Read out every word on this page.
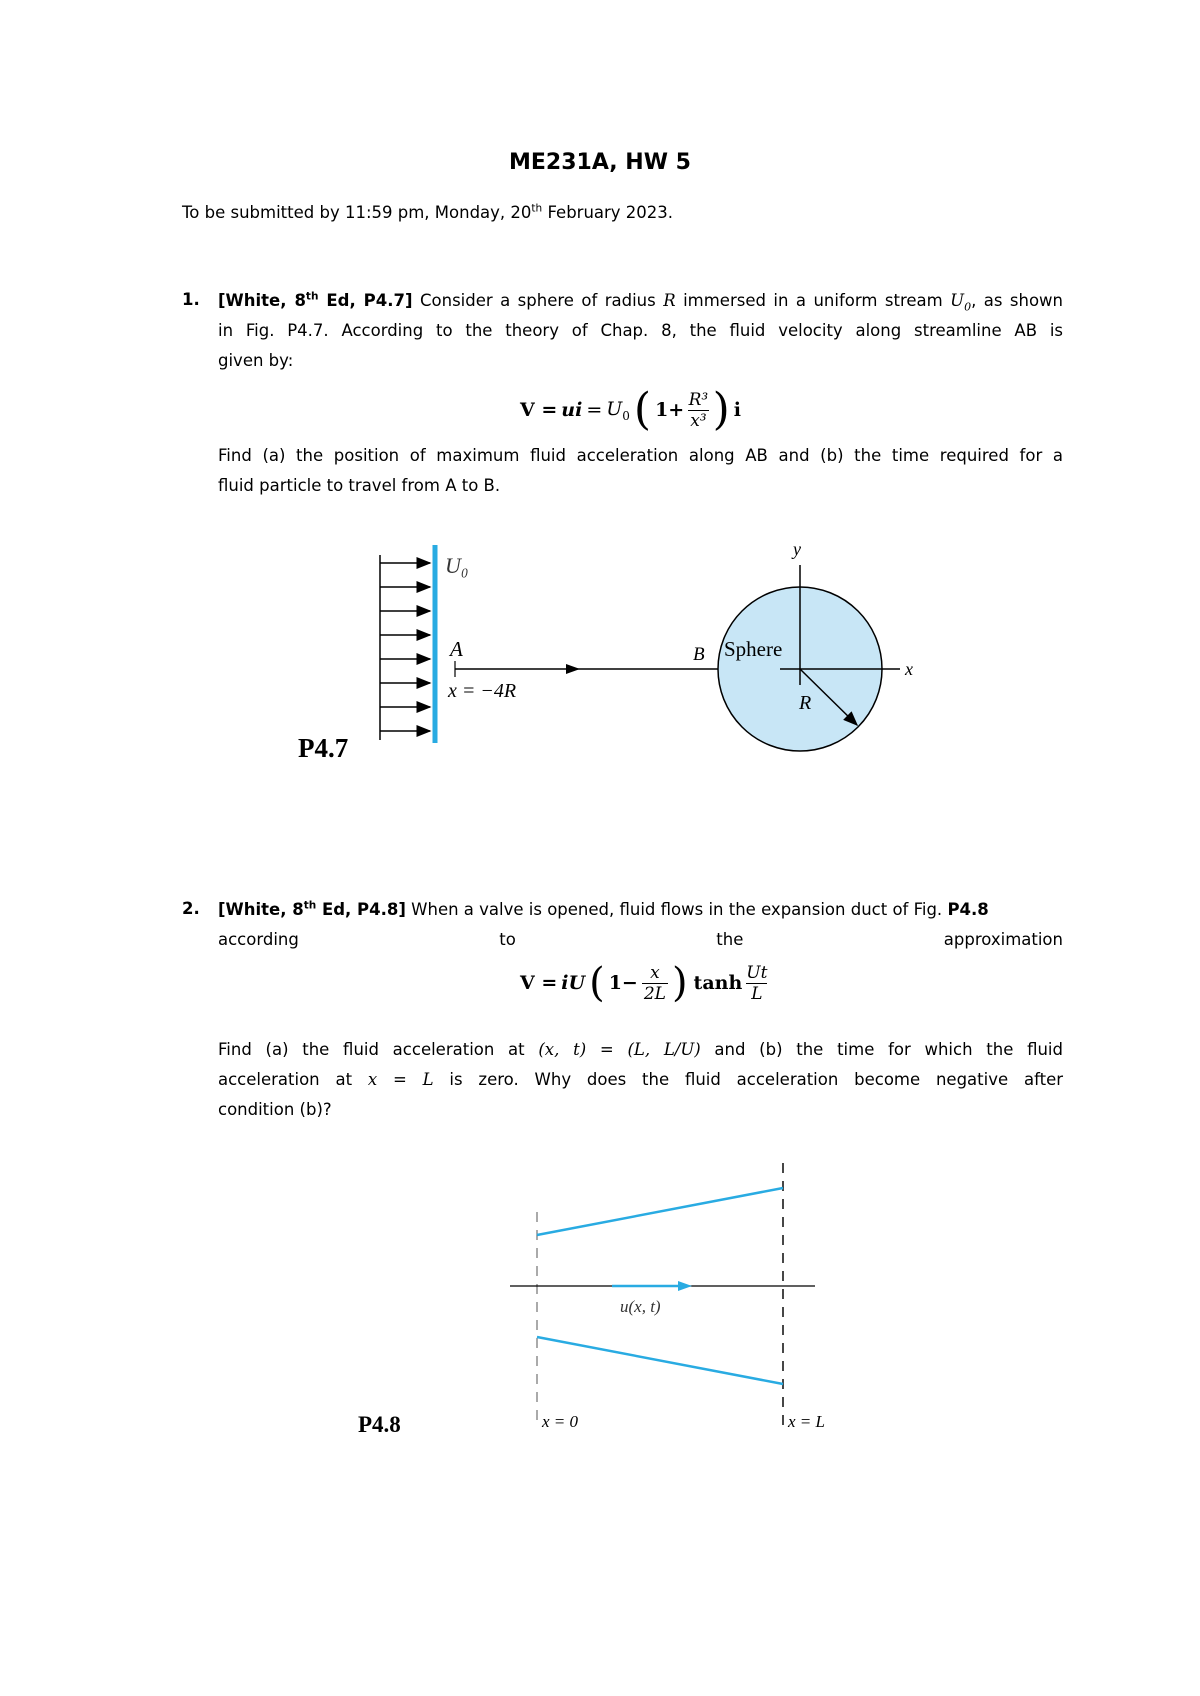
ME231A, HW 5
To be submitted by 11:59 pm, Monday, 20th February 2023.
1. [White, 8th Ed, P4.7] Consider a sphere of radius R immersed in a uniform stream $U_0$, as shown
in Fig. P4.7. According to the theory of Chap. 8, the fluid velocity along streamline AB is
given by:
V = ui = $U_0$ ( $1+ \frac{\text{R³}}{\text{x³}}$ ) i
Find (a) the position of maximum fluid acceleration along AB and (b) the time required for a
fluid particle to travel from A to B.
U₀
A
x = −4R
B Sphere
y
x
R
P4.7
2. [White, 8th Ed, P4.8] When a valve is opened, fluid flows in the expansion duct of Fig. P4.8
according	to	the	approximation
V = iU ( $1- \frac{x}{2L}$ ) $\tanh \frac{Ut}{L}$
Find (a) the fluid acceleration at (x, t) = (L, L/U) and (b) the time for which the fluid
acceleration at x = L is zero. Why does the fluid acceleration become negative after
condition (b)?
u(x, t)
x = 0	x = L
P4.8
